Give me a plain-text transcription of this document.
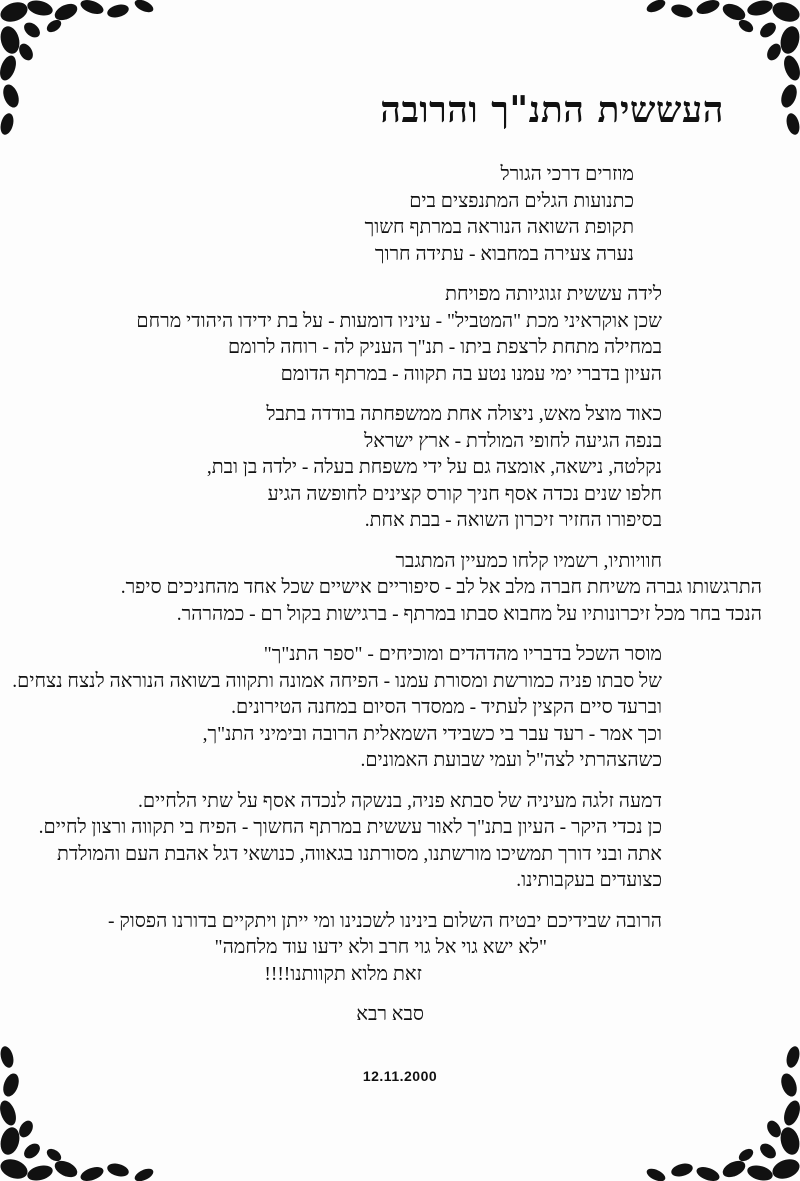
העששית התנ"ך והרובה
מוזרים דרכי הגורל
כתנועות הגלים המתנפצים בים
תקופת השואה הנוראה במרתף חשוך
נערה צעירה במחבוא - עתידה חרוך
לידה עששית זגוגיותה מפויחת
שכן אוקראיני מכת "המטביל" - עיניו דומעות - על בת ידידו היהודי מרחם
במחילה מתחת לרצפת ביתו - תנ"ך העניק לה - רוחה לרומם
העיון בדברי ימי עמנו נטע בה תקווה - במרתף הדומם
כאוד מוצל מאש, ניצולה אחת ממשפחתה בודדה בתבל
בנפה הגיעה לחופי המולדת - ארץ ישראל
נקלטה, נישאה, אומצה גם על ידי משפחת בעלה - ילדה בן ובת,
חלפו שנים נכדה אסף חניך קורס קצינים לחופשה הגיע
בסיפורו החזיר זיכרון השואה - בבת אחת.
חוויותיו, רשמיו קלחו כמעיין המתגבר
התרגשותו גברה משיחת חברה מלב אל לב - סיפוריים אישיים שכל אחד מהחניכים סיפר.
הנכד בחר מכל זיכרונותיו על מחבוא סבתו במרתף - ברגישות בקול רם - כמהרהר.
מוסר השכל בדבריו מהדהדים ומוכיחים - "ספר התנ"ך"
של סבתו פניה כמורשת ומסורת עמנו - הפיחה אמונה ותקווה בשואה הנוראה לנצח נצחים.
וברעד סיים הקצין לעתיד - ממסדר הסיום במחנה הטירונים.
וכך אמר - רעד עבר בי כשבידי השמאלית הרובה ובימיני התנ"ך,
כשהצהרתי לצה"ל ועמי שבועת האמונים.
דמעה זלגה מעיניה של סבתא פניה, בנשקה לנכדה אסף על שתי הלחיים.
כן נכדי היקר - העיון בתנ"ך לאור עששית במרתף החשוך - הפיח בי תקווה ורצון לחיים.
אתה ובני דורך תמשיכו מורשתנו, מסורתנו בגאווה, כנושאי דגל אהבת העם והמולדת
כצועדים בעקבותינו.
הרובה שבידיכם יבטיח השלום בינינו לשכנינו ומי ייתן ויתקיים בדורנו הפסוק -
"לא ישא גוי אל גוי חרב ולא ידעו עוד מלחמה"
זאת מלוא תקוותנו!!!!
סבא רבא
12.11.2000
